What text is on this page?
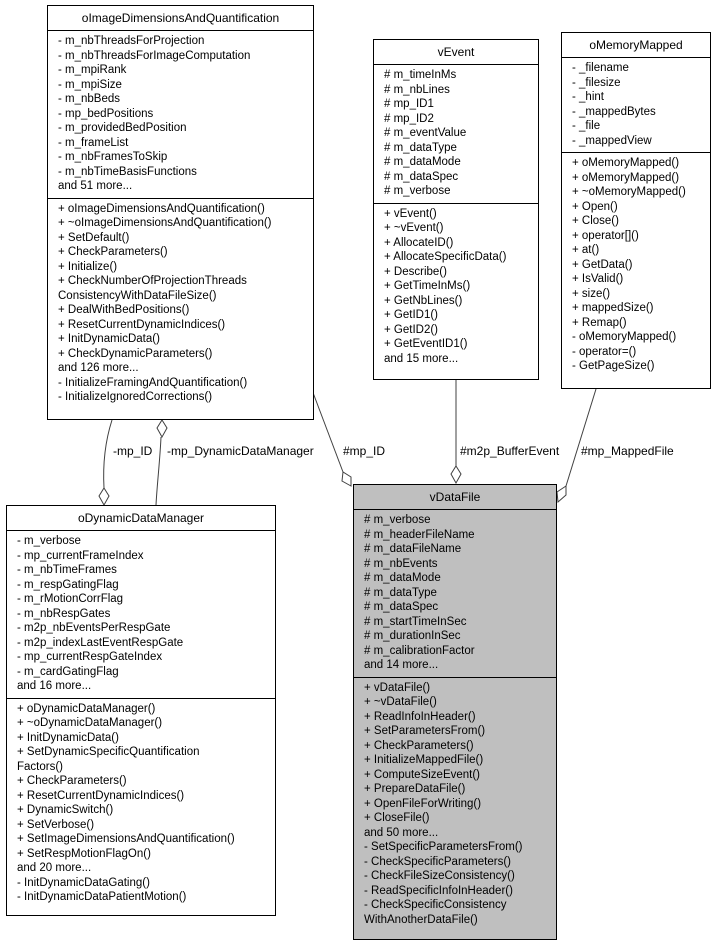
-mp_ID -mp_DynamicDataManager #mp_ID	#m2p_BufferEvent #mp_MappedFile
oImageDimensionsAndQuantification
- m_nbThreadsForProjection
- m_nbThreadsForImageComputation
- m_mpiRank
- m_mpiSize
- m_nbBeds
- mp_bedPositions
- m_providedBedPosition
- m_frameList
- m_nbFramesToSkip
- m_nbTimeBasisFunctions
and 51 more...
+ oImageDimensionsAndQuantification()
+ ~oImageDimensionsAndQuantification()
+ SetDefault()
+ CheckParameters()
+ Initialize()
+ CheckNumberOfProjectionThreads
ConsistencyWithDataFileSize()
+ DealWithBedPositions()
+ ResetCurrentDynamicIndices()
+ InitDynamicData()
+ CheckDynamicParameters()
and 126 more...
- InitializeFramingAndQuantification()
- InitializeIgnoredCorrections()
vEvent
# m_timeInMs
# m_nbLines
# mp_ID1
# mp_ID2
# m_eventValue
# m_dataType
# m_dataMode
# m_dataSpec
# m_verbose
+ vEvent()
+ ~vEvent()
+ AllocateID()
+ AllocateSpecificData()
+ Describe()
+ GetTimeInMs()
+ GetNbLines()
+ GetID1()
+ GetID2()
+ GetEventID1()
and 15 more...
oMemoryMapped
- _filename
- _filesize
- _hint
- _mappedBytes
- _file
- _mappedView
+ oMemoryMapped()
+ oMemoryMapped()
+ ~oMemoryMapped()
+ Open()
+ Close()
+ operator[]()
+ at()
+ GetData()
+ IsValid()
+ size()
+ mappedSize()
+ Remap()
- oMemoryMapped()
- operator=()
- GetPageSize()
oDynamicDataManager
- m_verbose
- mp_currentFrameIndex
- m_nbTimeFrames
- m_respGatingFlag
- m_rMotionCorrFlag
- m_nbRespGates
- m2p_nbEventsPerRespGate
- m2p_indexLastEventRespGate
- mp_currentRespGateIndex
- m_cardGatingFlag
and 16 more...
+ oDynamicDataManager()
+ ~oDynamicDataManager()
+ InitDynamicData()
+ SetDynamicSpecificQuantification
Factors()
+ CheckParameters()
+ ResetCurrentDynamicIndices()
+ DynamicSwitch()
+ SetVerbose()
+ SetImageDimensionsAndQuantification()
+ SetRespMotionFlagOn()
and 20 more...
- InitDynamicDataGating()
- InitDynamicDataPatientMotion()
vDataFile
# m_verbose
# m_headerFileName
# m_dataFileName
# m_nbEvents
# m_dataMode
# m_dataType
# m_dataSpec
# m_startTimeInSec
# m_durationInSec
# m_calibrationFactor
and 14 more...
+ vDataFile()
+ ~vDataFile()
+ ReadInfoInHeader()
+ SetParametersFrom()
+ CheckParameters()
+ InitializeMappedFile()
+ ComputeSizeEvent()
+ PrepareDataFile()
+ OpenFileForWriting()
+ CloseFile()
and 50 more...
- SetSpecificParametersFrom()
- CheckSpecificParameters()
- CheckFileSizeConsistency()
- ReadSpecificInfoInHeader()
- CheckSpecificConsistency
WithAnotherDataFile()
